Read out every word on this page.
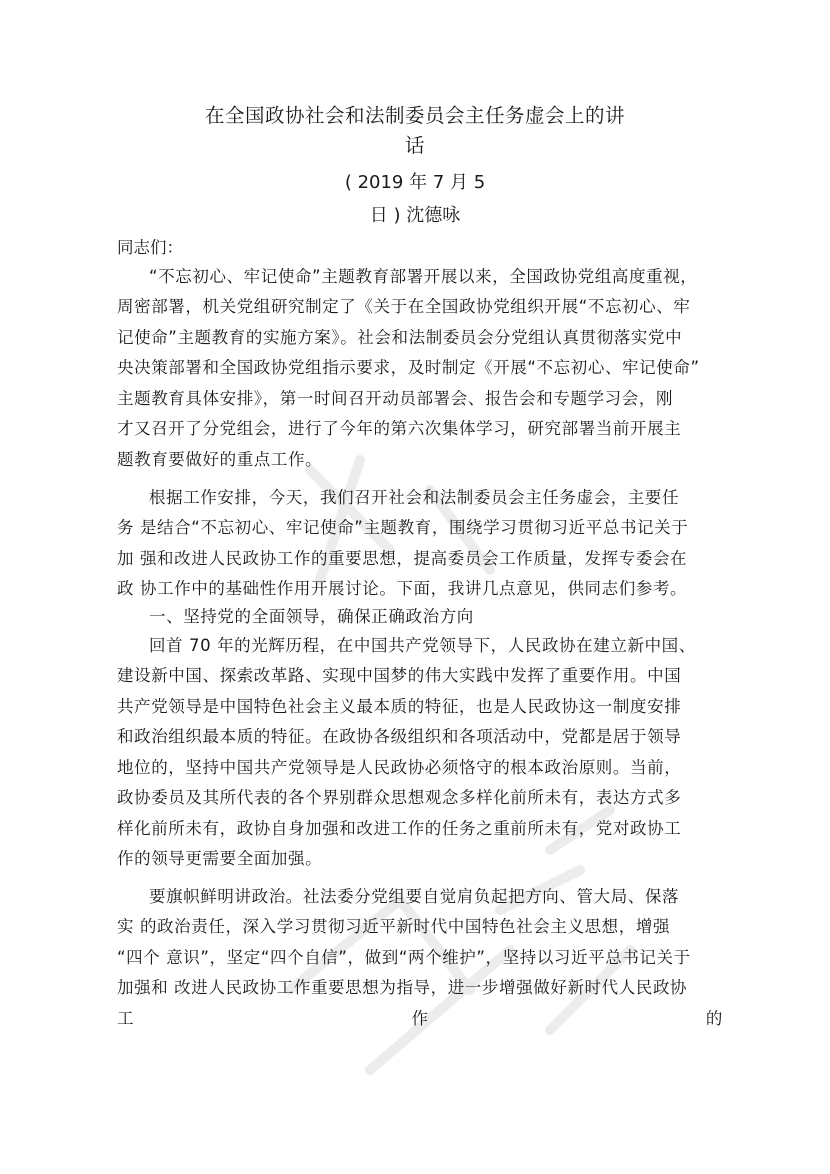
在全国政协社会和法制委员会主任务虚会上的讲
话
( 2019 年 7 月 5
日 ) 沈德咏
同志们：
“不忘初心、牢记使命”主题教育部署开展以来，全国政协党组高度重视，
周密部署，机关党组研究制定了《关于在全国政协党组织开展“不忘初心、牢
记使命”主题教育的实施方案》。社会和法制委员会分党组认真贯彻落实党中
央决策部署和全国政协党组指示要求，及时制定《开展“不忘初心、牢记使命”
主题教育具体安排》，第一时间召开动员部署会、报告会和专题学习会，刚
才又召开了分党组会，进行了今年的第六次集体学习，研究部署当前开展主
题教育要做好的重点工作。
根据工作安排，今天，我们召开社会和法制委员会主任务虚会，主要任
务 是结合“不忘初心、牢记使命”主题教育，围绕学习贯彻习近平总书记关于
加 强和改进人民政协工作的重要思想，提高委员会工作质量，发挥专委会在
政 协工作中的基础性作用开展讨论。下面，我讲几点意见，供同志们参考。
一、坚持党的全面领导，确保正确政治方向
回首 70 年的光辉历程，在中国共产党领导下，人民政协在建立新中国、
建设新中国、探索改革路、实现中国梦的伟大实践中发挥了重要作用。中国
共产党领导是中国特色社会主义最本质的特征，也是人民政协这一制度安排
和政治组织最本质的特征。在政协各级组织和各项活动中，党都是居于领导
地位的，坚持中国共产党领导是人民政协必须恪守的根本政治原则。当前，
政协委员及其所代表的各个界别群众思想观念多样化前所未有，表达方式多
样化前所未有，政协自身加强和改进工作的任务之重前所未有，党对政协工
作的领导更需要全面加强。
要旗帜鲜明讲政治。社法委分党组要自觉肩负起把方向、管大局、保落
实 的政治责任，深入学习贯彻习近平新时代中国特色社会主义思想，增强
“四个 意识”，坚定“四个自信”，做到“两个维护”，坚持以习近平总书记关于
加强和 改进人民政协工作重要思想为指导，进一步增强做好新时代人民政协
工	作	的
